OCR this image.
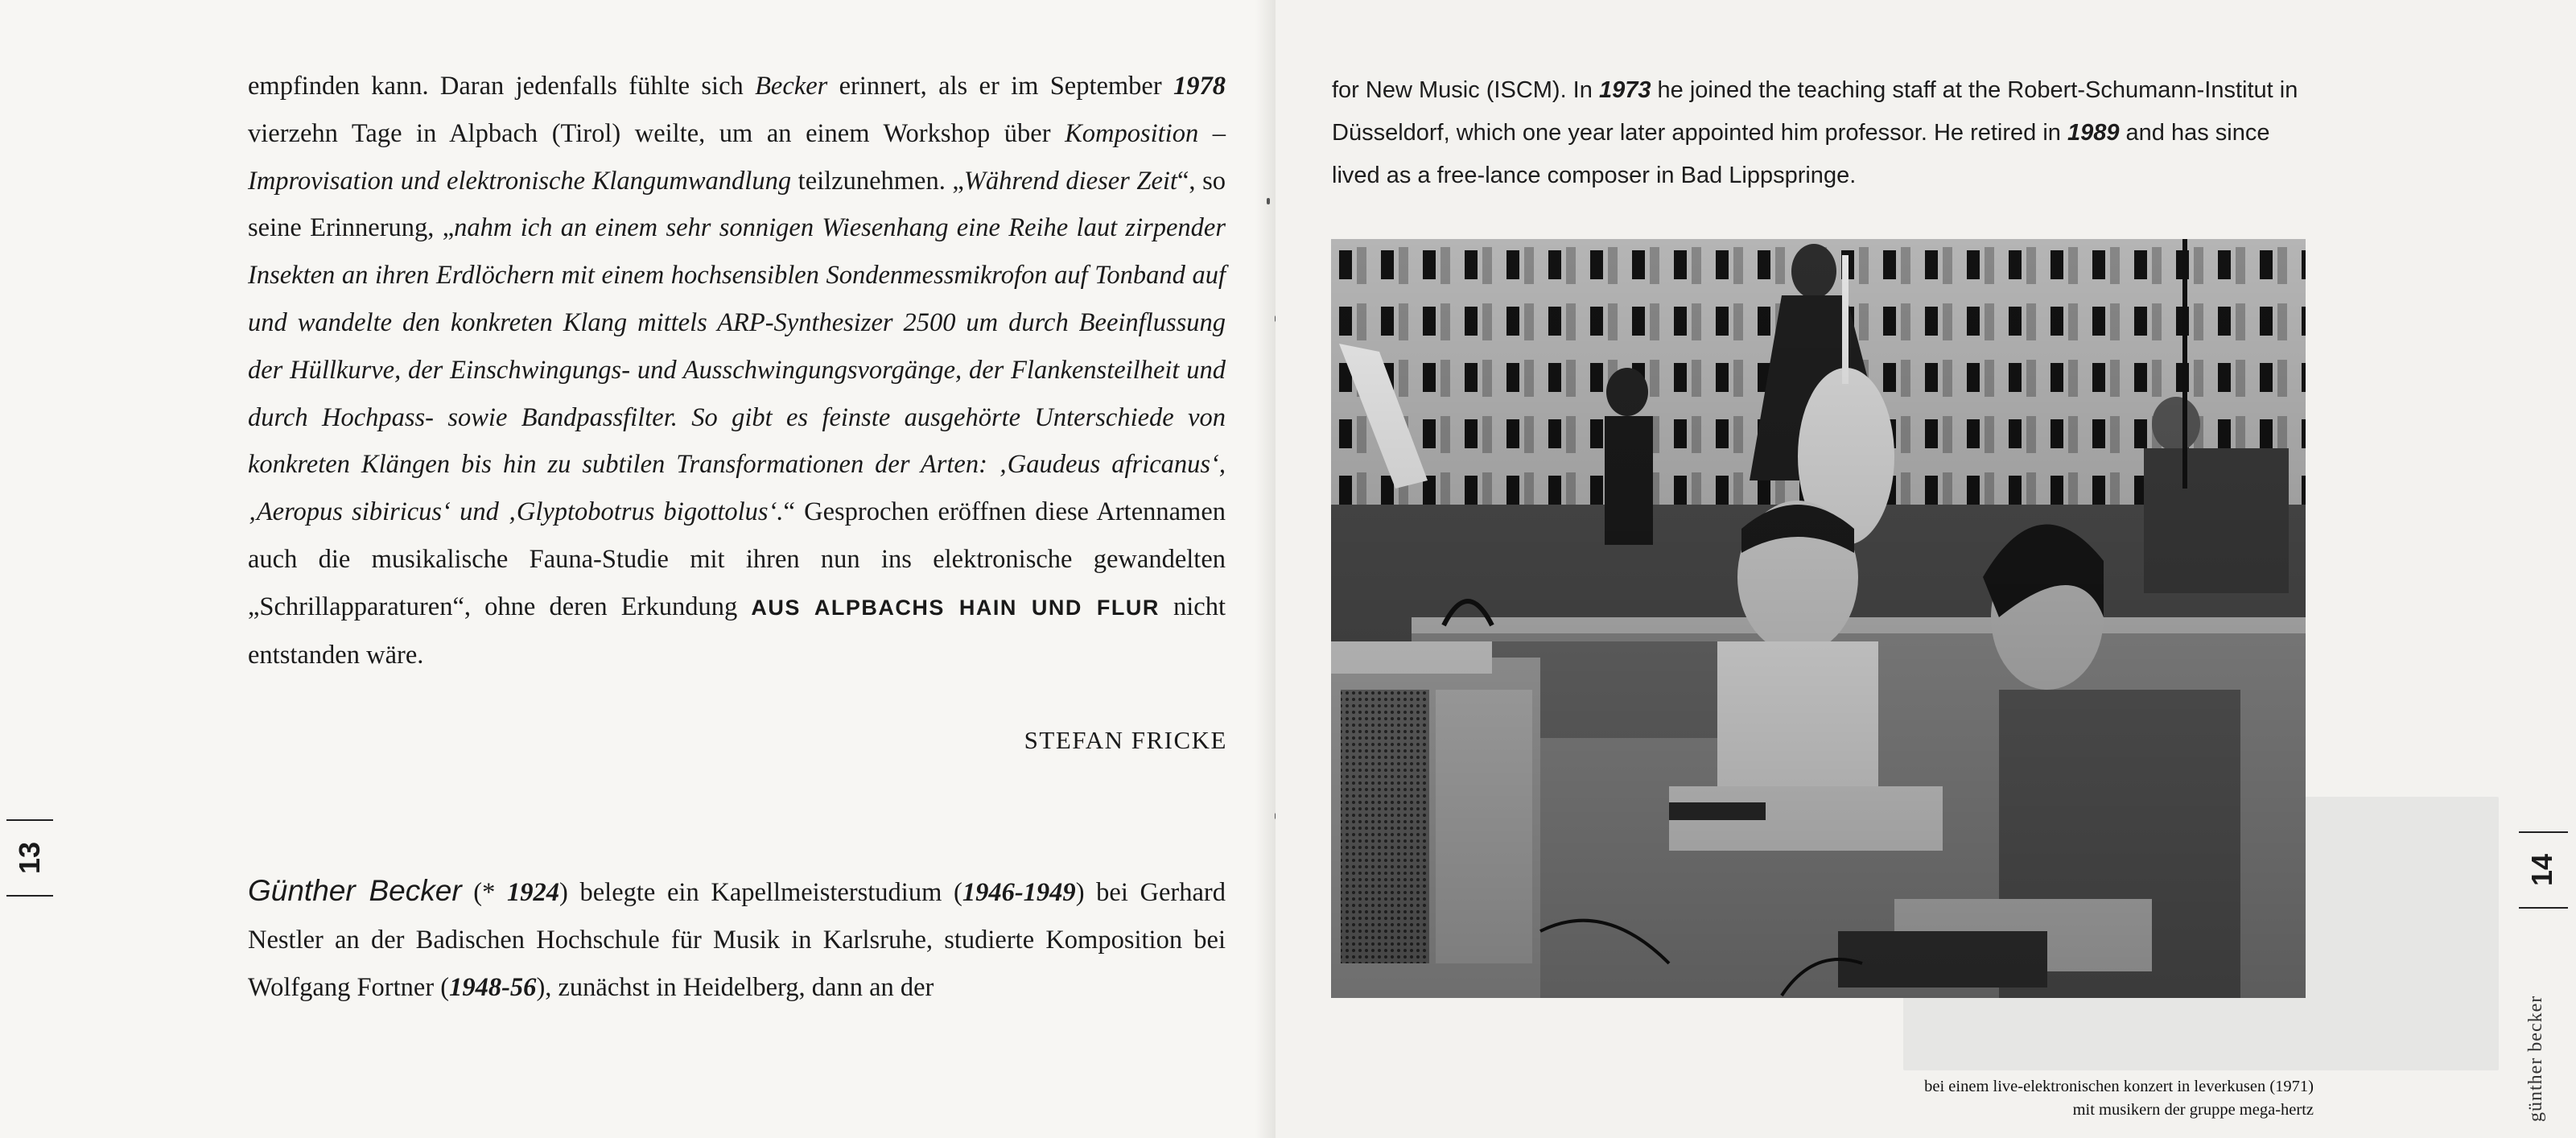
empfinden kann. Daran jedenfalls fühlte sich Becker erinnert, als er im September 1978 vierzehn Tage in Alpbach (Tirol) weilte, um an einem Workshop über Komposition – Improvisation und elektronische Klangumwandlung teilzunehmen. „Während dieser Zeit“, so seine Erinnerung, „nahm ich an einem sehr sonnigen Wiesenhang eine Reihe laut zirpender Insekten an ihren Erdlöchern mit einem hochsensiblen Sondenmessmikrofon auf Tonband auf und wandelte den konkreten Klang mittels ARP-Synthesizer 2500 um durch Beeinflussung der Hüllkurve, der Einschwingungs- und Ausschwingungsvorgänge, der Flankensteilheit und durch Hochpass- sowie Bandpassfilter. So gibt es feinste ausgehörte Unterschiede von konkreten Klängen bis hin zu subtilen Transformationen der Arten: ‚Gaudeus africanus‘, ‚Aeropus sibiricus‘ und ‚Glyptobotrus bigottolus‘.“ Gesprochen eröffnen diese Artennamen auch die musikalische Fauna-Studie mit ihren nun ins elektronische gewandelten „Schrillapparaturen“, ohne deren Erkundung AUS ALPBACHS HAIN UND FLUR nicht entstanden wäre.

STEFAN FRICKE

Günther Becker (* 1924) belegte ein Kapellmeisterstudium (1946-1949) bei Gerhard Nestler an der Badischen Hochschule für Musik in Karlsruhe, studierte Komposition bei Wolfgang Fortner (1948-56), zunächst in Heidelberg, dann an der

13

for New Music (ISCM). In 1973 he joined the teaching staff at the Robert-Schumann-Institut in Düsseldorf, which one year later appointed him professor. He retired in 1989 and has since lived as a free-lance composer in Bad Lippspringe.

bei einem live-elektronischen konzert in leverkusen (1971)
mit musikern der gruppe mega-hertz
14
günther becker
